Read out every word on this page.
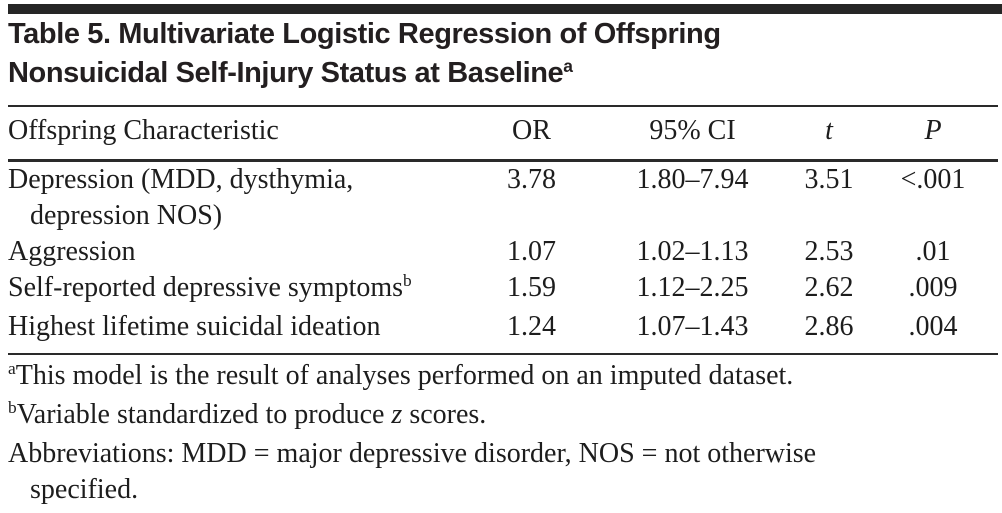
Table 5. Multivariate Logistic Regression of Offspring
Nonsuicidal Self-Injury Status at Baseline$^a$
Offspring Characteristic	OR	95% CI	t	P
Depression (MDD, dysthymia,
depression NOS)
3.78	1.80–7.94	3.51	<.001
Aggression	1.07	1.02–1.13	2.53	.01
Self-reported depressive symptoms$^b$	1.59	1.12–2.25	2.62	.009
Highest lifetime suicidal ideation	1.24	1.07–1.43	2.86	.004
$^a$This model is the result of analyses performed on an imputed dataset.
$^b$Variable standardized to produce z scores.
Abbreviations: MDD = major depressive disorder, NOS = not otherwise
specified.
